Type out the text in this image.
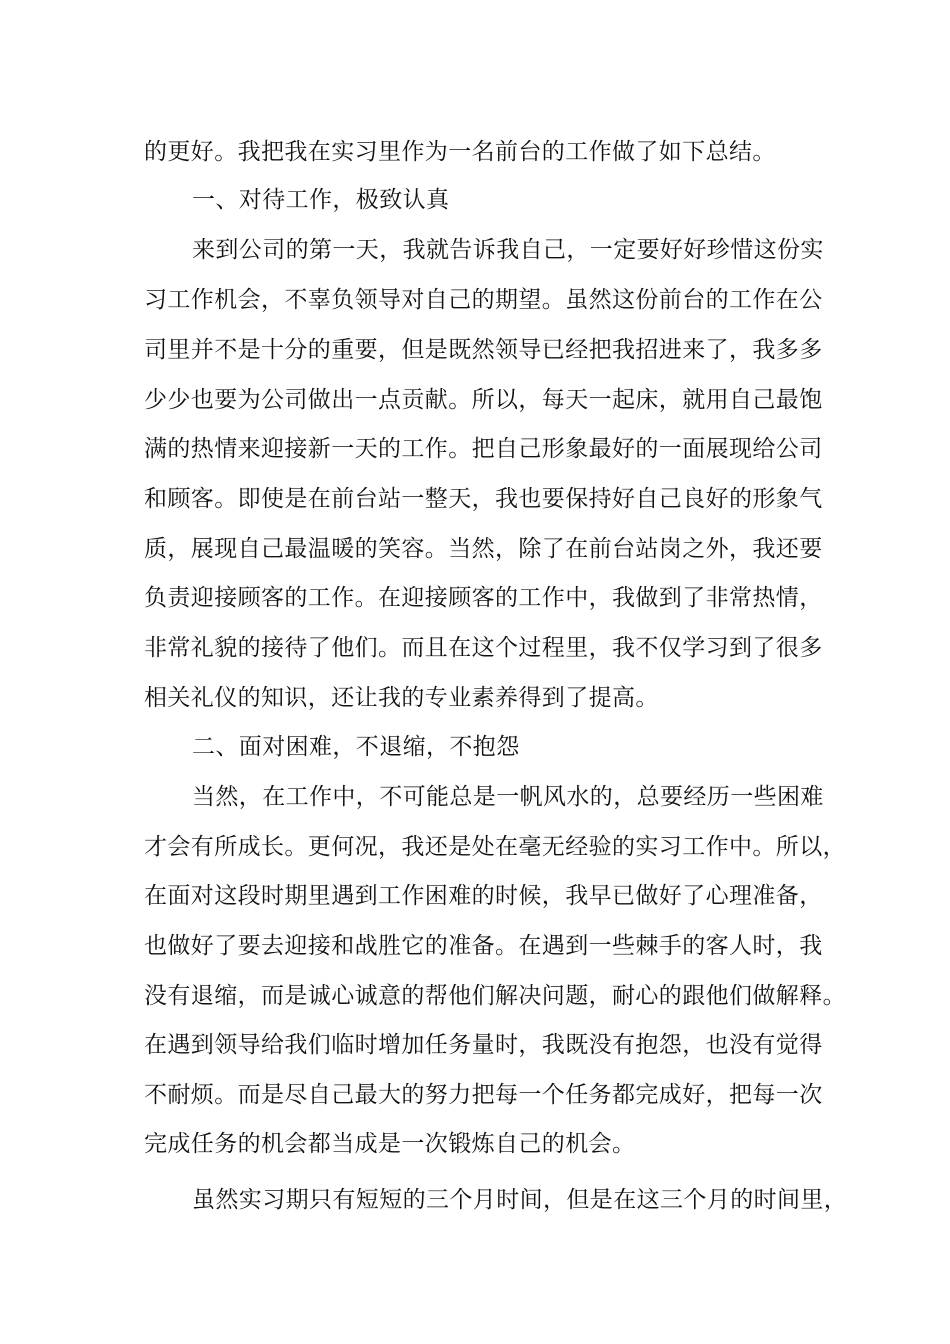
的更好。我把我在实习里作为一名前台的工作做了如下总结。
一、对待工作，极致认真
来到公司的第一天，我就告诉我自己，一定要好好珍惜这份实
习工作机会，不辜负领导对自己的期望。虽然这份前台的工作在公
司里并不是十分的重要，但是既然领导已经把我招进来了，我多多
少少也要为公司做出一点贡献。所以，每天一起床，就用自己最饱
满的热情来迎接新一天的工作。把自己形象最好的一面展现给公司
和顾客。即使是在前台站一整天，我也要保持好自己良好的形象气
质，展现自己最温暖的笑容。当然，除了在前台站岗之外，我还要
负责迎接顾客的工作。在迎接顾客的工作中，我做到了非常热情，
非常礼貌的接待了他们。而且在这个过程里，我不仅学习到了很多
相关礼仪的知识，还让我的专业素养得到了提高。
二、面对困难，不退缩，不抱怨
当然，在工作中，不可能总是一帆风水的，总要经历一些困难
才会有所成长。更何况，我还是处在毫无经验的实习工作中。所以，
在面对这段时期里遇到工作困难的时候，我早已做好了心理准备，
也做好了要去迎接和战胜它的准备。在遇到一些棘手的客人时，我
没有退缩，而是诚心诚意的帮他们解决问题，耐心的跟他们做解释。
在遇到领导给我们临时增加任务量时，我既没有抱怨，也没有觉得
不耐烦。而是尽自己最大的努力把每一个任务都完成好，把每一次
完成任务的机会都当成是一次锻炼自己的机会。
虽然实习期只有短短的三个月时间，但是在这三个月的时间里，
